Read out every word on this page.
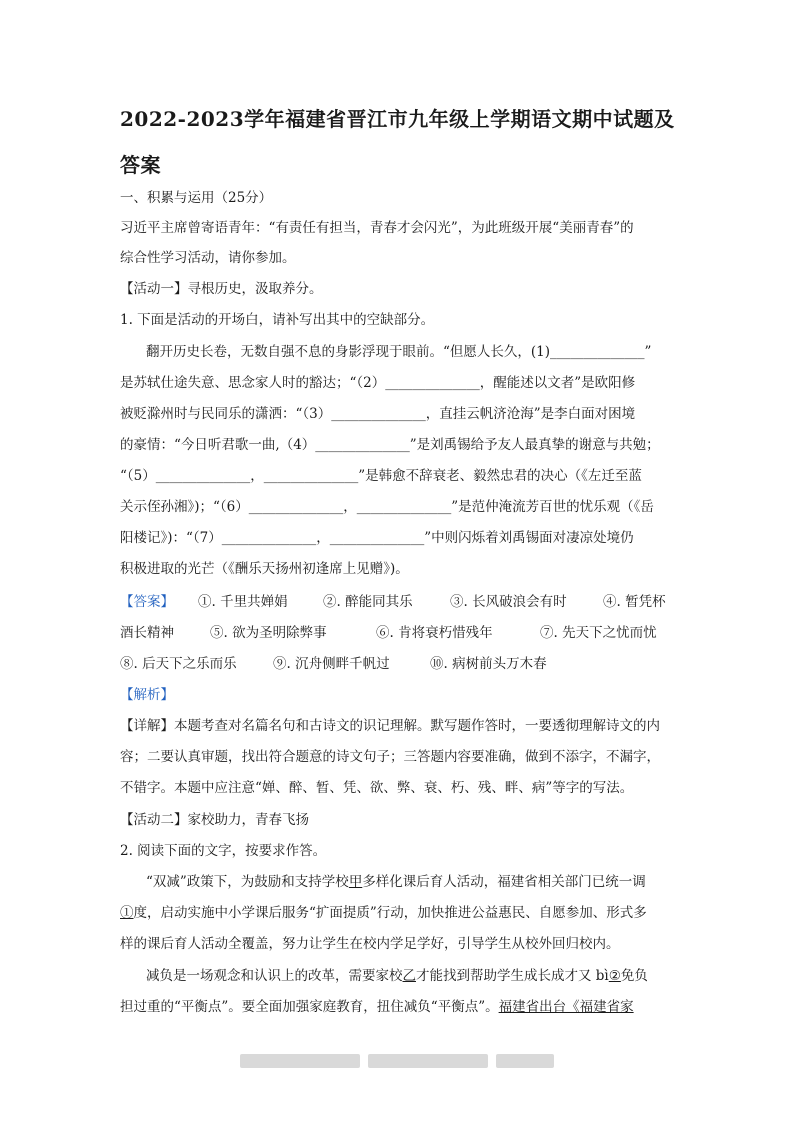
2022-2023学年福建省晋江市九年级上学期语文期中试题及答案
一、积累与运用（25分）
习近平主席曾寄语青年：“有责任有担当，青春才会闪光”，为此班级开展“美丽青春”的
综合性学习活动，请你参加。
【活动一】寻根历史，汲取养分。
1. 下面是活动的开场白，请补写出其中的空缺部分。
翻开历史长卷，无数自强不息的身影浮现于眼前。“但愿人长久，(1)______________”
是苏轼仕途失意、思念家人时的豁达；“（2）______________，醒能述以文者”是欧阳修
被贬滁州时与民同乐的潇洒：“（3）______________，直挂云帆济沧海”是李白面对困境
的豪情：“今日听君歌一曲,（4）______________”是刘禹锡给予友人最真挚的谢意与共勉；
“（5）______________，______________”是韩愈不辞衰老、毅然忠君的决心（《左迁至蓝
关示侄孙湘》)；“（6）______________，______________”是范仲淹流芳百世的忧乐观（《岳
阳楼记》)：“（7）______________，______________”中则闪烁着刘禹锡面对凄凉处境仍
积极进取的光芒（《酬乐天扬州初逢席上见赠》)。
【答案】 ①. 千里共婵娟	②. 醉能同其乐	③. 长风破浪会有时	④. 暂凭杯
酒长精神	⑤. 欲为圣明除弊事	⑥. 肯将衰朽惜残年	⑦. 先天下之忧而忧
⑧. 后天下之乐而乐	⑨. 沉舟侧畔千帆过	⑩. 病树前头万木春
【解析】
【详解】本题考查对名篇名句和古诗文的识记理解。默写题作答时，一要透彻理解诗文的内
容；二要认真审题，找出符合题意的诗文句子；三答题内容要准确，做到不添字，不漏字，
不错字。本题中应注意“婵、醉、暂、凭、欲、弊、衰、朽、残、畔、病”等字的写法。
【活动二】家校助力，青春飞扬
2. 阅读下面的文字，按要求作答。
“双减”政策下，为鼓励和支持学校甲多样化课后育人活动，福建省相关部门已统一调
①度，启动实施中小学课后服务“扩面提质”行动，加快推进公益惠民、自愿参加、形式多
样的课后育人活动全覆盖，努力让学生在校内学足学好，引导学生从校外回归校内。
减负是一场观念和认识上的改革，需要家校乙才能找到帮助学生成长成才又 bì②免负
担过重的“平衡点”。要全面加强家庭教育，扭住减负“平衡点”。福建省出台《福建省家
